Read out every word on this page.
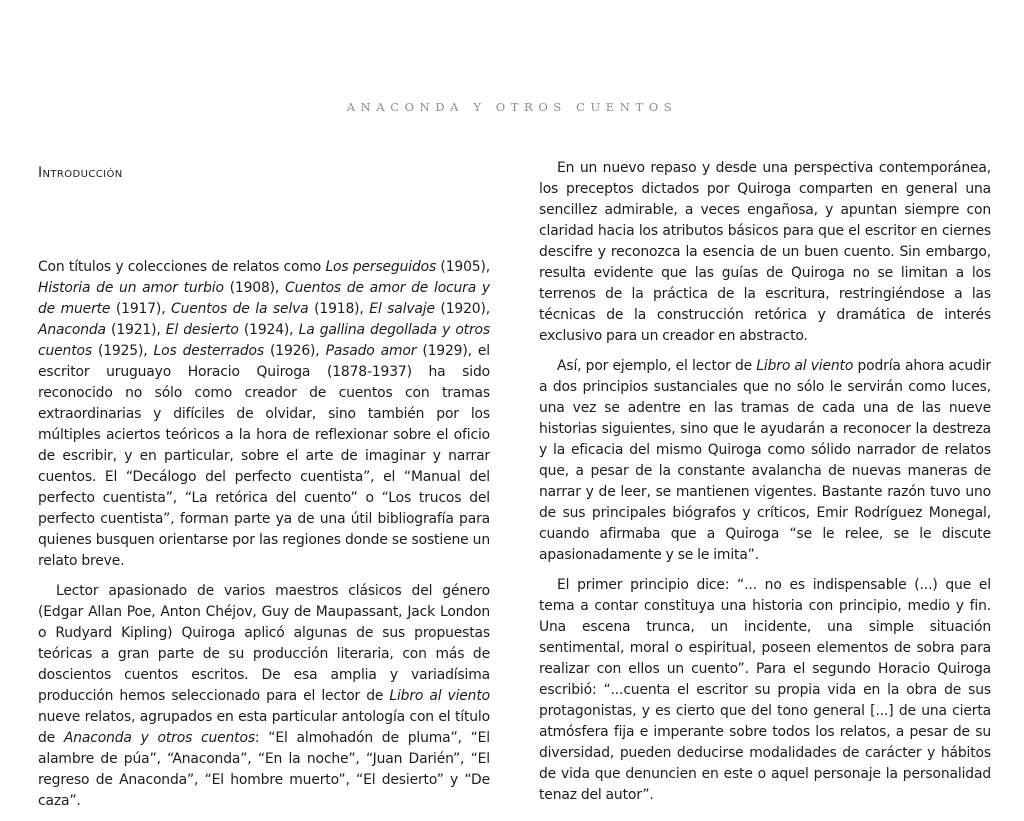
ANACONDA Y OTROS CUENTOS
Introducción

Con títulos y colecciones de relatos como Los perseguidos (1905), Historia de un amor turbio (1908), Cuentos de amor de locura y de muerte (1917), Cuentos de la selva (1918), El salvaje (1920), Anaconda (1921), El desierto (1924), La gallina degollada y otros cuentos (1925), Los desterrados (1926), Pasado amor (1929), el escritor uruguayo Horacio Quiroga (1878-1937) ha sido reconocido no sólo como creador de cuentos con tramas extraordinarias y difíciles de olvidar, sino también por los múltiples aciertos teóricos a la hora de reflexionar sobre el oficio de escribir, y en particular, sobre el arte de imaginar y narrar cuentos. El “Decálogo del perfecto cuentista”, el “Manual del perfecto cuentista”, “La retórica del cuento” o “Los trucos del perfecto cuentista”, forman parte ya de una útil bibliografía para quienes busquen orientarse por las regiones donde se sostiene un relato breve.

Lector apasionado de varios maestros clásicos del género (Edgar Allan Poe, Anton Chéjov, Guy de Maupassant, Jack London o Rudyard Kipling) Quiroga aplicó algunas de sus propuestas teóricas a gran parte de su producción literaria, con más de doscientos cuentos escritos. De esa amplia y variadísima producción hemos seleccionado para el lector de Libro al viento nueve relatos, agrupados en esta particular antología con el título de Anaconda y otros cuentos: “El almohadón de pluma”, “El alambre de púa”, “Anaconda”, “En la noche”, “Juan Darién”, “El regreso de Anaconda”, “El hombre muerto”, “El desierto” y “De caza”.

En un nuevo repaso y desde una perspectiva contemporánea, los preceptos dictados por Quiroga comparten en general una sencillez admirable, a veces engañosa, y apuntan siempre con claridad hacia los atributos básicos para que el escritor en ciernes descifre y reconozca la esencia de un buen cuento. Sin embargo, resulta evidente que las guías de Quiroga no se limitan a los terrenos de la práctica de la escritura, restringiéndose a las técnicas de la construcción retórica y dramática de interés exclusivo para un creador en abstracto.

Así, por ejemplo, el lector de Libro al viento podría ahora acudir a dos principios sustanciales que no sólo le servirán como luces, una vez se adentre en las tramas de cada una de las nueve historias siguientes, sino que le ayudarán a reconocer la destreza y la eficacia del mismo Quiroga como sólido narrador de relatos que, a pesar de la constante avalancha de nuevas maneras de narrar y de leer, se mantienen vigentes. Bastante razón tuvo uno de sus principales biógrafos y críticos, Emir Rodríguez Monegal, cuando afirmaba que a Quiroga “se le relee, se le discute apasionadamente y se le imita”.

El primer principio dice: “... no es indispensable (...) que el tema a contar constituya una historia con principio, medio y fin. Una escena trunca, un incidente, una simple situación sentimental, moral o espiritual, poseen elementos de sobra para realizar con ellos un cuento”. Para el segundo Horacio Quiroga escribió: “...cuenta el escritor su propia vida en la obra de sus protagonistas, y es cierto que del tono general [...] de una cierta atmósfera fija e imperante sobre todos los relatos, a pesar de su diversidad, pueden deducirse modalidades de carácter y hábitos de vida que denuncien en este o aquel personaje la personalidad tenaz del autor”.
